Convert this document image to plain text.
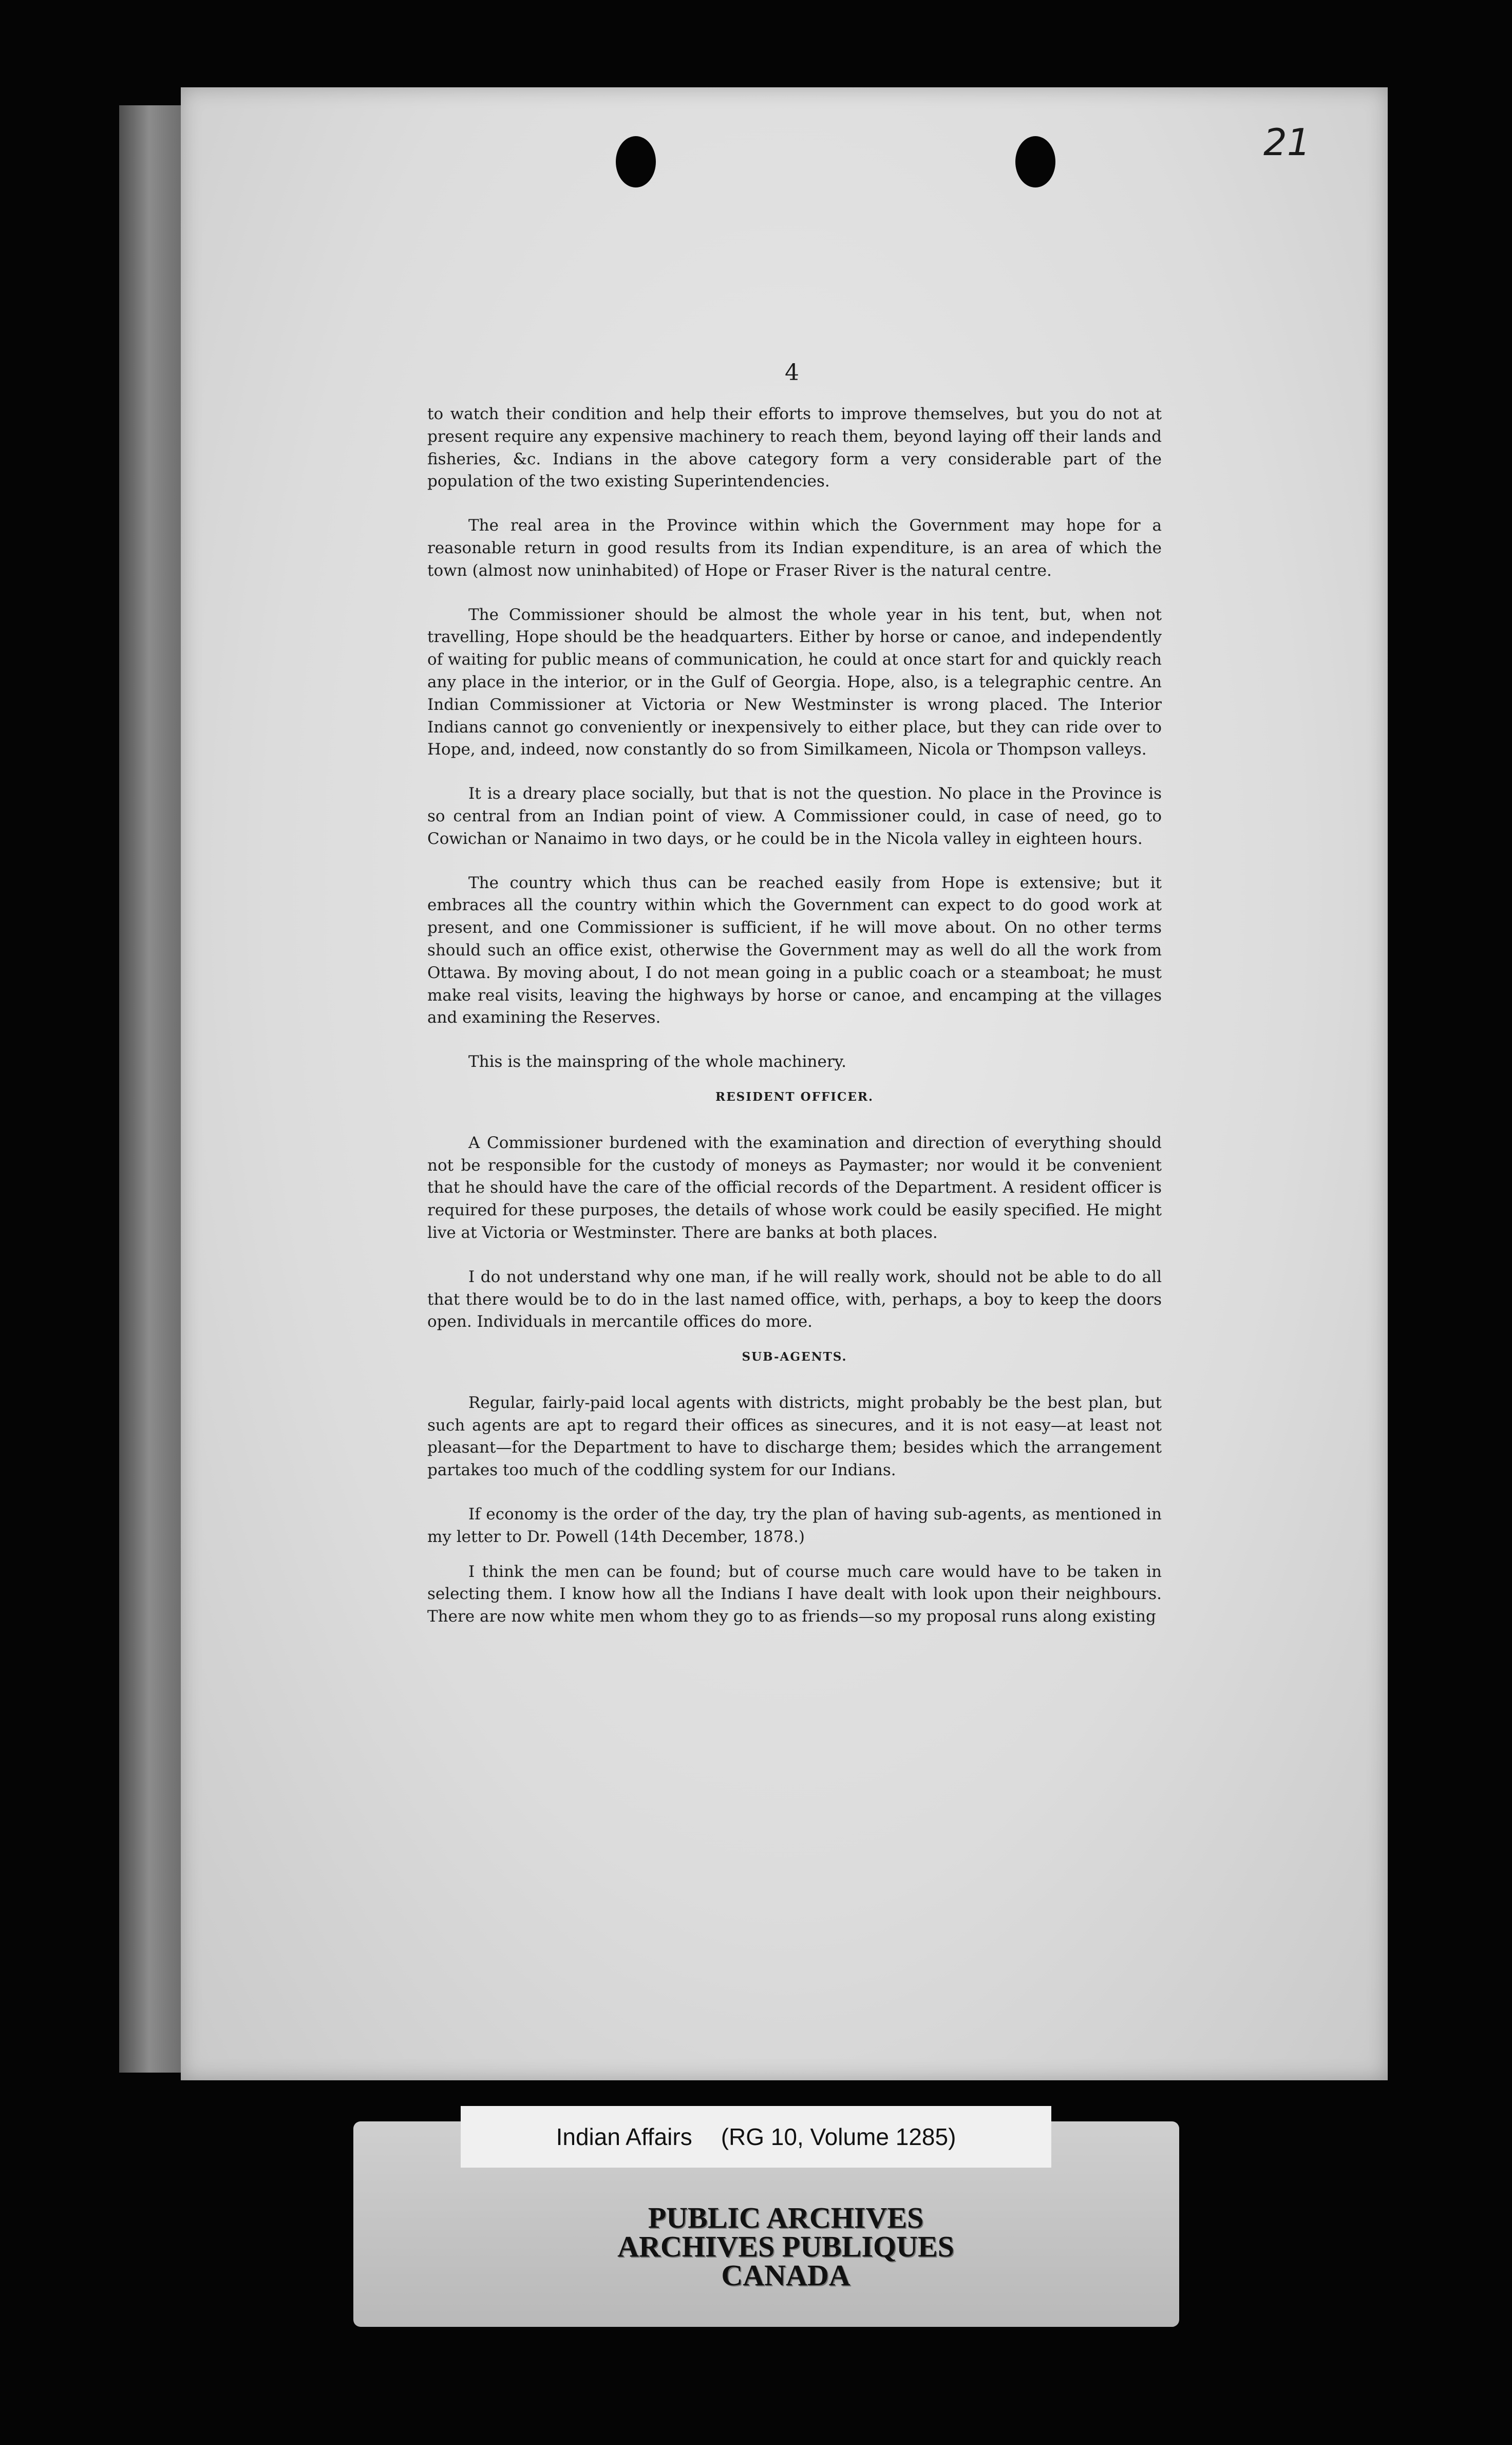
21
4

to watch their condition and help their efforts to improve themselves, but you do not at present require any expensive machinery to reach them, beyond laying off their lands and fisheries, &c. Indians in the above category form a very considerable part of the population of the two existing Superintendencies.

The real area in the Province within which the Government may hope for a reasonable return in good results from its Indian expenditure, is an area of which the town (almost now uninhabited) of Hope or Fraser River is the natural centre.

The Commissioner should be almost the whole year in his tent, but, when not travelling, Hope should be the headquarters. Either by horse or canoe, and independently of waiting for public means of communication, he could at once start for and quickly reach any place in the interior, or in the Gulf of Georgia. Hope, also, is a telegraphic centre. An Indian Commissioner at Victoria or New Westminster is wrong placed. The Interior Indians cannot go conveniently or inexpensively to either place, but they can ride over to Hope, and, indeed, now constantly do so from Similkameen, Nicola or Thompson valleys.

It is a dreary place socially, but that is not the question. No place in the Province is so central from an Indian point of view. A Commissioner could, in case of need, go to Cowichan or Nanaimo in two days, or he could be in the Nicola valley in eighteen hours.

The country which thus can be reached easily from Hope is extensive; but it embraces all the country within which the Government can expect to do good work at present, and one Commissioner is sufficient, if he will move about. On no other terms should such an office exist, otherwise the Government may as well do all the work from Ottawa. By moving about, I do not mean going in a public coach or a steamboat; he must make real visits, leaving the highways by horse or canoe, and encamping at the villages and examining the Reserves.

This is the mainspring of the whole machinery.

RESIDENT OFFICER.

A Commissioner burdened with the examination and direction of everything should not be responsible for the custody of moneys as Paymaster; nor would it be convenient that he should have the care of the official records of the Department. A resident officer is required for these purposes, the details of whose work could be easily specified. He might live at Victoria or Westminster. There are banks at both places.

I do not understand why one man, if he will really work, should not be able to do all that there would be to do in the last named office, with, perhaps, a boy to keep the doors open. Individuals in mercantile offices do more.

SUB-AGENTS.

Regular, fairly-paid local agents with districts, might probably be the best plan, but such agents are apt to regard their offices as sinecures, and it is not easy—at least not pleasant—for the Department to have to discharge them; besides which the arrangement partakes too much of the coddling system for our Indians.

If economy is the order of the day, try the plan of having sub-agents, as mentioned in my letter to Dr. Powell (14th December, 1878.)

I think the men can be found; but of course much care would have to be taken in selecting them. I know how all the Indians I have dealt with look upon their neighbours. There are now white men whom they go to as friends—so my proposal runs along existing

Indian Affairs (RG 10, Volume 1285)
PUBLIC ARCHIVES
ARCHIVES PUBLIQUES
CANADA
